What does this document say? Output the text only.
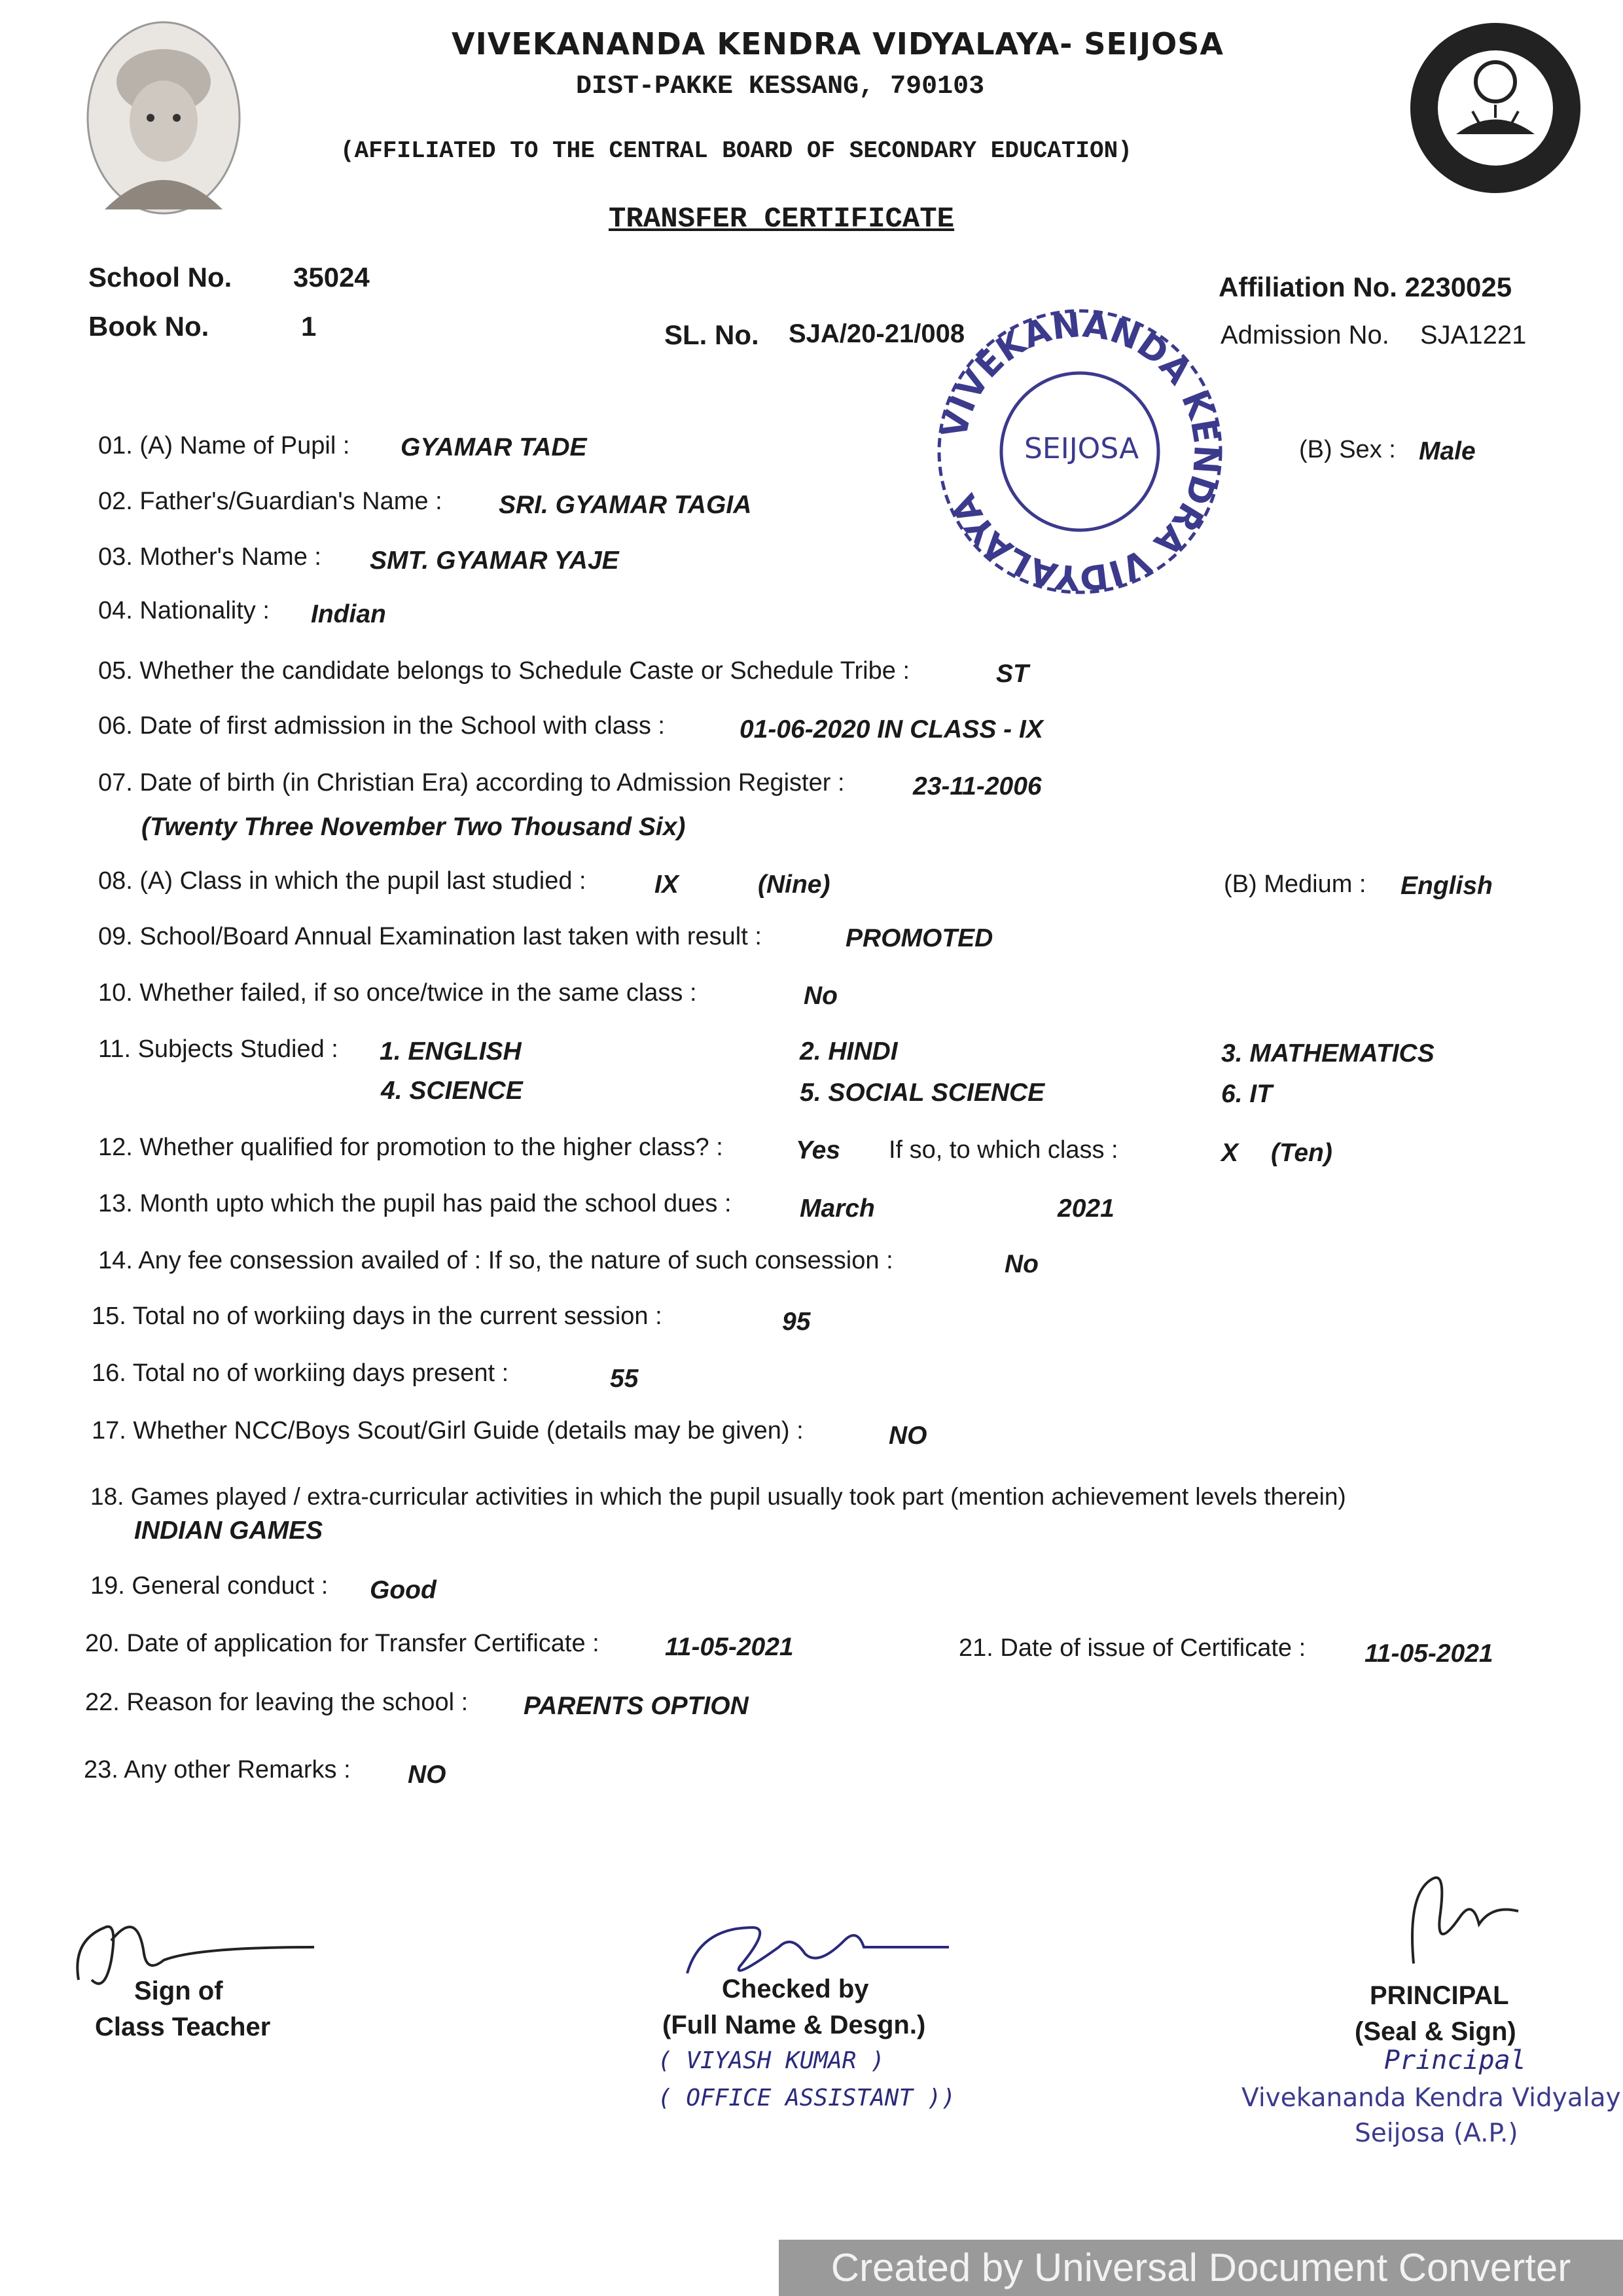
VIVEKANANDA KENDRA VIDYALAYA- SEIJOSA
DIST-PAKKE KESSANG, 790103
(AFFILIATED TO THE CENTRAL BOARD OF SECONDARY EDUCATION)
TRANSFER CERTIFICATE
School No. 35024
Book No.	1	SL. No. SJA/20-21/008
Affiliation No. 2230025
Admission No. SJA1221
VIVEKANANDA KENDRA VIDYALAYA
SEIJOSA
01. (A) Name of Pupil : GYAMAR TADE	(B) Sex : Male
02. Father's/Guardian's Name : SRI. GYAMAR TAGIA
03. Mother's Name : SMT. GYAMAR YAJE
04. Nationality : Indian
05. Whether the candidate belongs to Schedule Caste or Schedule Tribe :	ST
06. Date of first admission in the School with class :	01-06-2020 IN CLASS - IX
07. Date of birth (in Christian Era) according to Admission Register :	23-11-2006
(Twenty Three November Two Thousand Six)
08. (A) Class in which the pupil last studied :	IX	(Nine)	(B) Medium : English
09. School/Board Annual Examination last taken with result :	PROMOTED
10. Whether failed, if so once/twice in the same class :	No
11. Subjects Studied : 1. ENGLISH	2. HINDI	3. MATHEMATICS
4. SCIENCE	5. SOCIAL SCIENCE	6. IT
12. Whether qualified for promotion to the higher class? :	Yes If so, to which class :	X (Ten)
13. Month upto which the pupil has paid the school dues :	March	2021
14. Any fee consession availed of : If so, the nature of such consession :	No
15. Total no of workiing days in the current session :	95
16. Total no of workiing days present :	55
17. Whether NCC/Boys Scout/Girl Guide (details may be given) :	NO
18. Games played / extra-curricular activities in which the pupil usually took part (mention achievement levels therein)
INDIAN GAMES
19. General conduct : Good
20. Date of application for Transfer Certificate :	11-05-2021	21. Date of issue of Certificate : 11-05-2021
22. Reason for leaving the school : PARENTS OPTION
23. Any other Remarks : NO
Sign of
Class Teacher
Checked by
(Full Name & Desgn.)
( VIYASH KUMAR )
( OFFICE ASSISTANT ))
PRINCIPAL
(Seal & Sign)
Principal
Vivekananda Kendra Vidyalay
Seijosa (A.P.)
Created by Universal Document Converter
